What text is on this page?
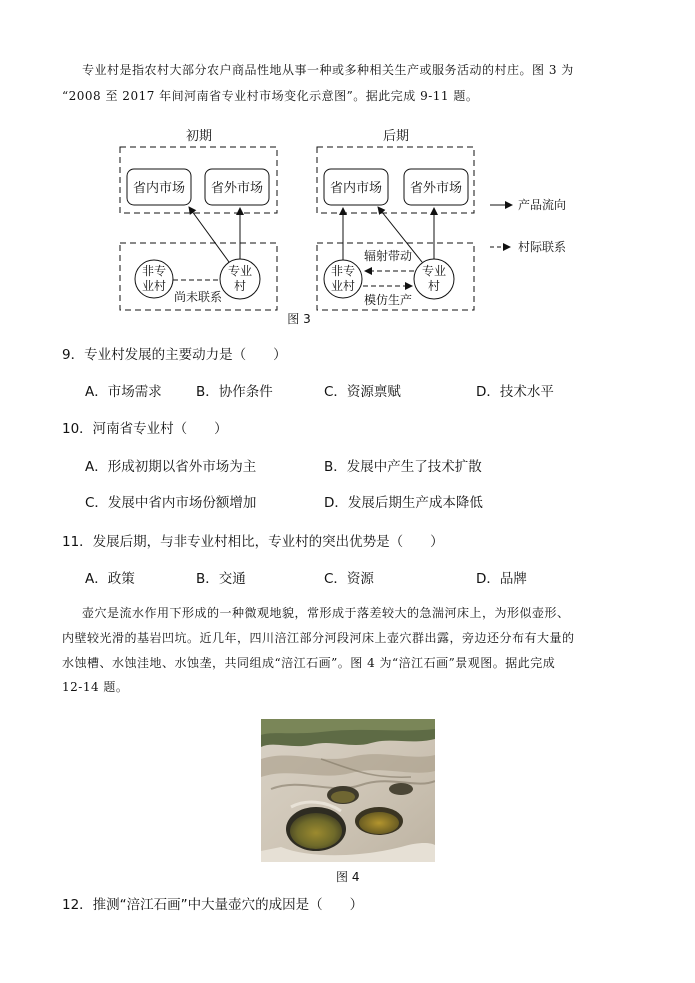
专业村是指农村大部分农户商品性地从事一种或多种相关生产或服务活动的村庄。图 3 为
“2008 至 2017 年间河南省专业村市场变化示意图”。据此完成 9-11 题。
初期	后期
省内市场 省外市场	省内市场 省外市场
非专
业村
专业
村
尚未联系
非专
业村
专业
村
辐射带动
模仿生产
产品流向
村际联系
图 3
9．专业村发展的主要动力是（　　）
A．市场需求	B．协作条件	C．资源禀赋	D．技术水平
10．河南省专业村（　　）
A．形成初期以省外市场为主	B．发展中产生了技术扩散
C．发展中省内市场份额增加	D．发展后期生产成本降低
11．发展后期，与非专业村相比，专业村的突出优势是（　　）
A．政策	B．交通	C．资源	D．品牌
壶穴是流水作用下形成的一种微观地貌，常形成于落差较大的急湍河床上，为形似壶形、
内壁较光滑的基岩凹坑。近几年，四川涪江部分河段河床上壶穴群出露，旁边还分布有大量的
水蚀槽、水蚀洼地、水蚀垄，共同组成“涪江石画”。图 4 为“涪江石画”景观图。据此完成
12-14 题。
图 4
12．推测“涪江石画”中大量壶穴的成因是（　　）
